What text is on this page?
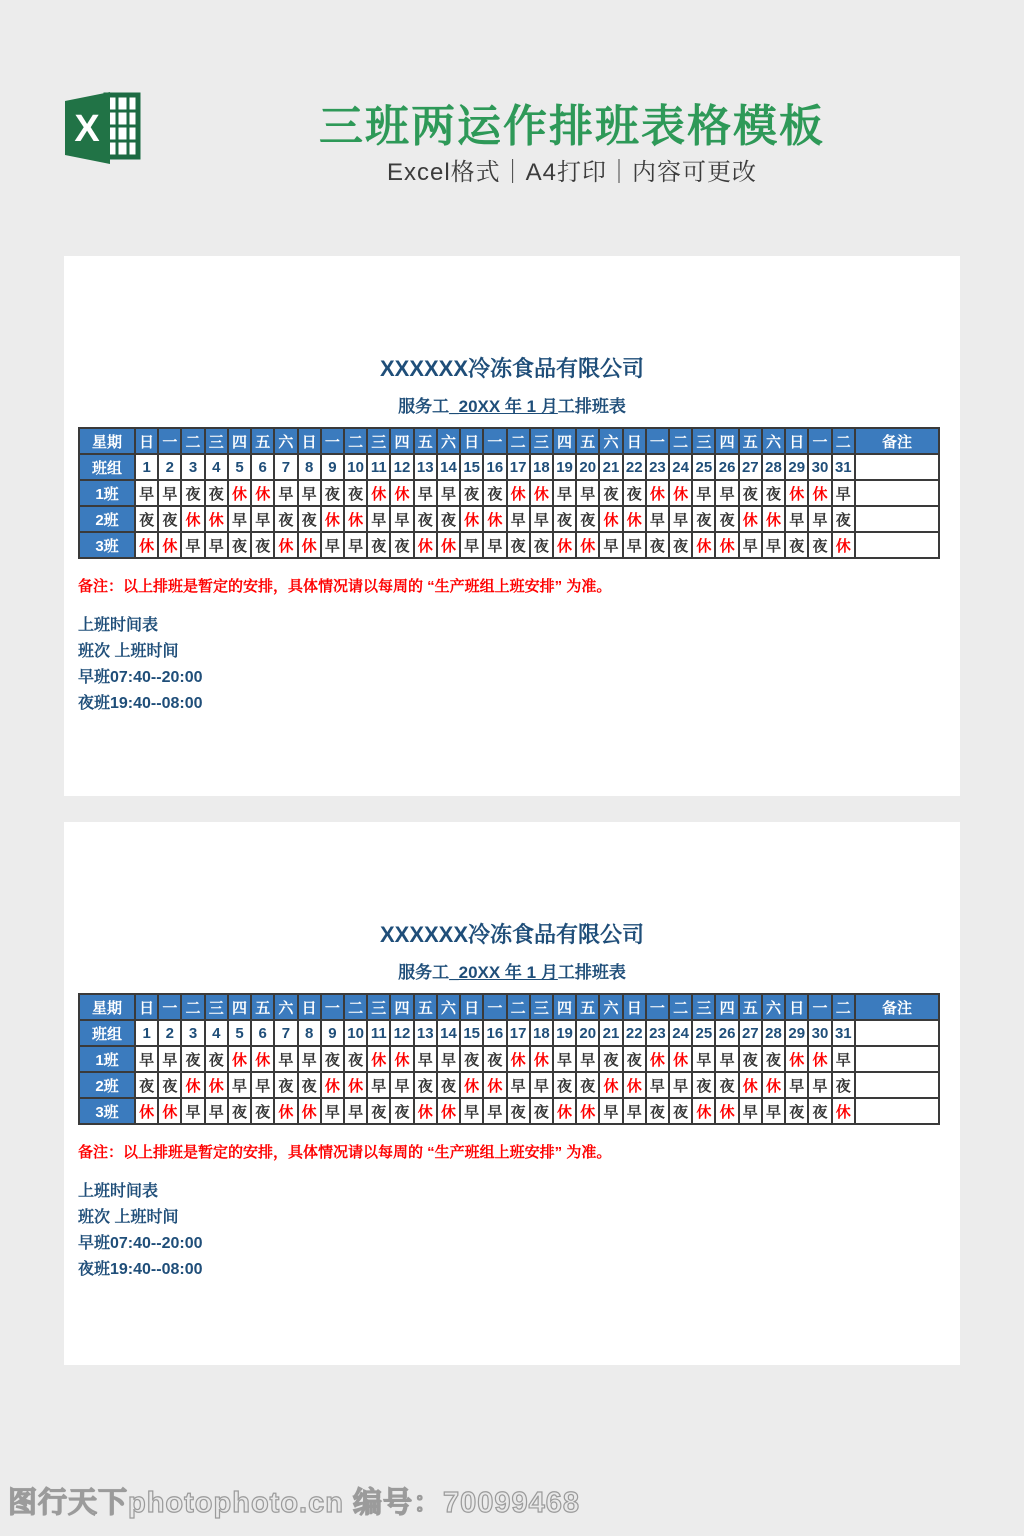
X	三班两运作排班表格模板
Excel格式｜A4打印｜内容可更改
XXXXXX冷冻食品有限公司
服务工_20XX 年 1 月工排班表
星期	日	一	二	三	四	五	六	日	一	二	三	四	五	六	日	一	二	三	四	五	六	日	一	二	三	四	五	六	日	一	二	备注
班组	1	2	3	4	5	6	7	8	9	10	11	12	13	14	15	16	17	18	19	20	21	22	23	24	25	26	27	28	29	30	31	
1班	早	早	夜	夜	休	休	早	早	夜	夜	休	休	早	早	夜	夜	休	休	早	早	夜	夜	休	休	早	早	夜	夜	休	休	早	
2班	夜	夜	休	休	早	早	夜	夜	休	休	早	早	夜	夜	休	休	早	早	夜	夜	休	休	早	早	夜	夜	休	休	早	早	夜	
3班	休	休	早	早	夜	夜	休	休	早	早	夜	夜	休	休	早	早	夜	夜	休	休	早	早	夜	夜	休	休	早	早	夜	夜	休	
备注：以上排班是暂定的安排，具体情况请以每周的 “生产班组上班安排” 为准。
上班时间表
班次 上班时间
早班07:40--20:00
夜班19:40--08:00
XXXXXX冷冻食品有限公司
服务工_20XX 年 1 月工排班表
星期	日	一	二	三	四	五	六	日	一	二	三	四	五	六	日	一	二	三	四	五	六	日	一	二	三	四	五	六	日	一	二	备注
班组	1	2	3	4	5	6	7	8	9	10	11	12	13	14	15	16	17	18	19	20	21	22	23	24	25	26	27	28	29	30	31	
1班	早	早	夜	夜	休	休	早	早	夜	夜	休	休	早	早	夜	夜	休	休	早	早	夜	夜	休	休	早	早	夜	夜	休	休	早	
2班	夜	夜	休	休	早	早	夜	夜	休	休	早	早	夜	夜	休	休	早	早	夜	夜	休	休	早	早	夜	夜	休	休	早	早	夜	
3班	休	休	早	早	夜	夜	休	休	早	早	夜	夜	休	休	早	早	夜	夜	休	休	早	早	夜	夜	休	休	早	早	夜	夜	休	
备注：以上排班是暂定的安排，具体情况请以每周的 “生产班组上班安排” 为准。
上班时间表
班次 上班时间
早班07:40--20:00
夜班19:40--08:00
图行天下photophoto.cn 编号：70099468
